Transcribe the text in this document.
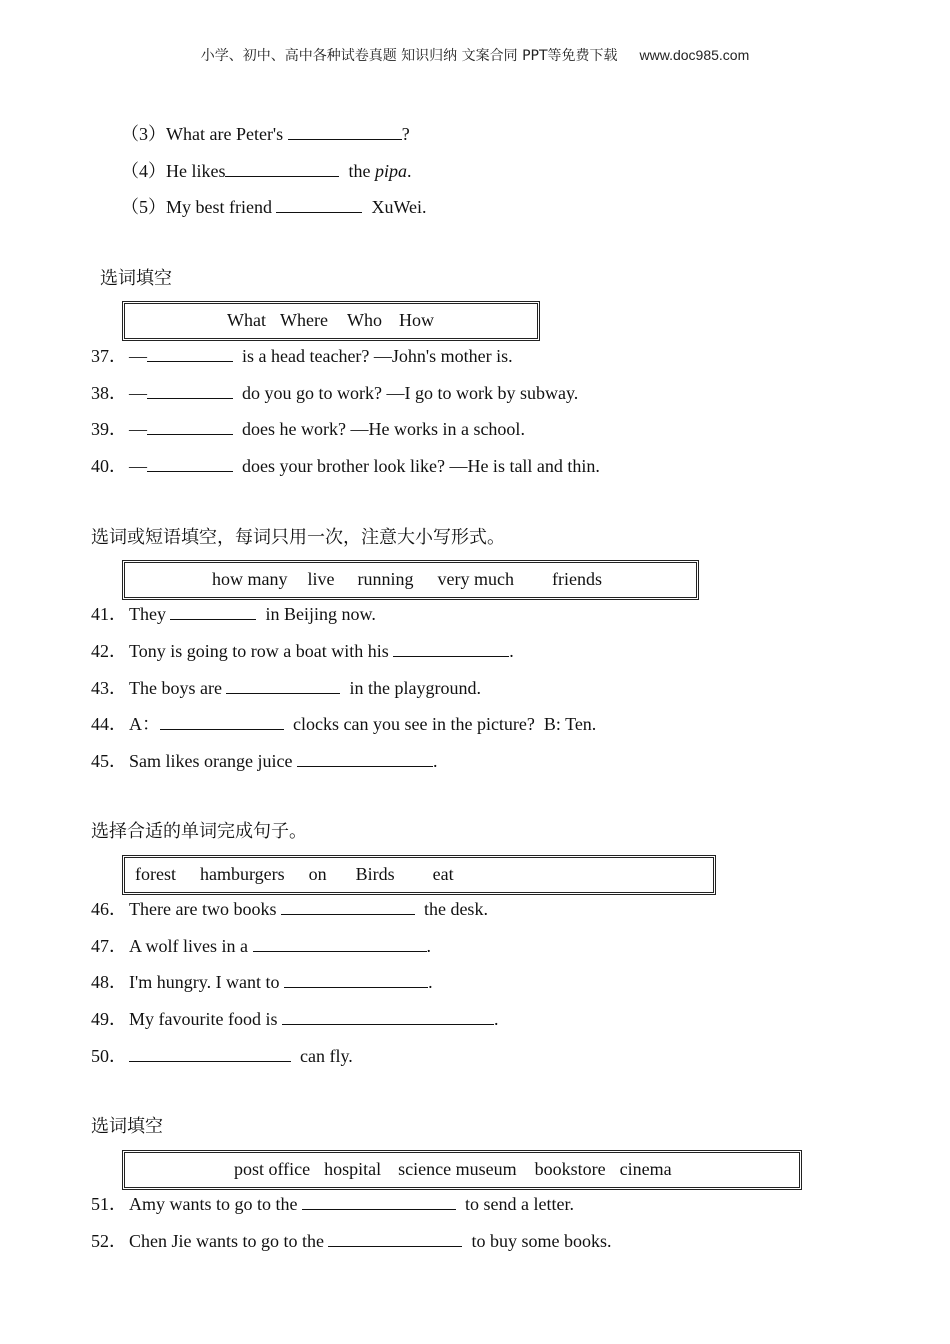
小学、初中、高中各种试卷真题 知识归纳 文案合同 PPT等免费下载 www.doc985.com
（3）What are Peter's	?
（4）He likes	the pipa.
（5）My best friend	XuWei.
选词填空
What Where Who How
37． —	is a head teacher? —John's mother is.
38． —	do you go to work? —I go to work by subway.
39． —	does he work? —He works in a school.
40． —	does your brother look like? —He is tall and thin.
选词或短语填空，每词只用一次，注意大小写形式。
how many live running very much friends
41． They	in Beijing now.
42． Tony is going to row a boat with his	.
43． The boys are	in the playground.
44． A：	clocks can you see in the picture?  B: Ten.
45． Sam likes orange juice	.
选择合适的单词完成句子。
forest hamburgers on Birds eat
46． There are two books	the desk.
47． A wolf lives in a	.
48． I'm hungry. I want to	.
49． My favourite food is	.
50．	can fly.
选词填空
post office hospital science museum bookstore cinema
51． Amy wants to go to the	to send a letter.
52． Chen Jie wants to go to the	to buy some books.
